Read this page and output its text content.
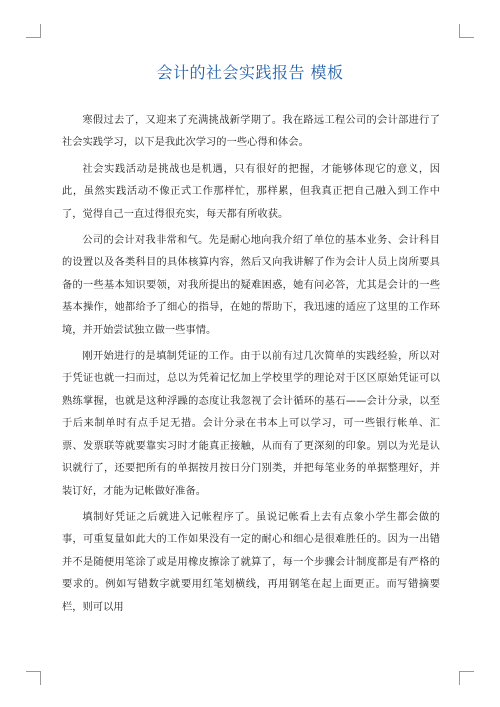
会计的社会实践报告 模板

寒假过去了，又迎来了充满挑战新学期了。我在路远工程公司的会计部进行了社会实践学习，以下是我此次学习的一些心得和体会。

社会实践活动是挑战也是机遇，只有很好的把握，才能够体现它的意义，因此，虽然实践活动不像正式工作那样忙，那样累，但我真正把自己融入到工作中了，觉得自己一直过得很充实，每天都有所收获。

公司的会计对我非常和气。先是耐心地向我介绍了单位的基本业务、会计科目的设置以及各类科目的具体核算内容，然后又向我讲解了作为会计人员上岗所要具备的一些基本知识要领，对我所提出的疑难困惑，她有问必答，尤其是会计的一些基本操作，她都给予了细心的指导，在她的帮助下，我迅速的适应了这里的工作环境，并开始尝试独立做一些事情。

刚开始进行的是填制凭证的工作。由于以前有过几次简单的实践经验，所以对于凭证也就一扫而过，总以为凭着记忆加上学校里学的理论对于区区原始凭证可以熟练掌握，也就是这种浮躁的态度让我忽视了会计循环的基石——会计分录，以至于后来制单时有点手足无措。会计分录在书本上可以学习，可一些银行帐单、汇票、发票联等就要靠实习时才能真正接触，从而有了更深刻的印象。别以为光是认识就行了，还要把所有的单据按月按日分门别类，并把每笔业务的单据整理好，并装订好，才能为记帐做好准备。

填制好凭证之后就进入记帐程序了。虽说记帐看上去有点象小学生都会做的事，可重复量如此大的工作如果没有一定的耐心和细心是很难胜任的。因为一出错并不是随便用笔涂了或是用橡皮擦涂了就算了，每一个步骤会计制度都是有严格的要求的。例如写错数字就要用红笔划横线，再用钢笔在起上面更正。而写错摘要栏，则可以用
